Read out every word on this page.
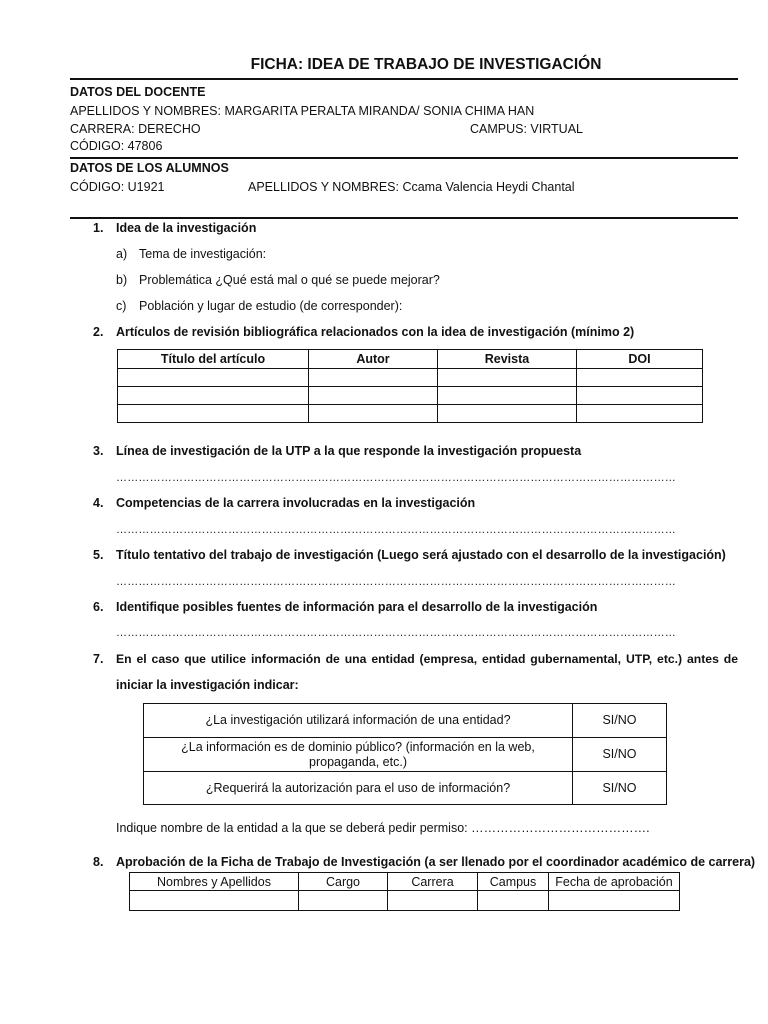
FICHA: IDEA DE TRABAJO DE INVESTIGACIÓN
DATOS DEL DOCENTE
APELLIDOS Y NOMBRES: MARGARITA PERALTA MIRANDA/ SONIA CHIMA HAN
CARRERA: DERECHO	CAMPUS: VIRTUAL
CÓDIGO: 47806
DATOS DE LOS ALUMNOS
CÓDIGO: U1921	APELLIDOS Y NOMBRES: Ccama Valencia Heydi Chantal
1. Idea de la investigación
a) Tema de investigación:
b) Problemática ¿Qué está mal o qué se puede mejorar?
c) Población y lugar de estudio (de corresponder):
2. Artículos de revisión bibliográfica relacionados con la idea de investigación (mínimo 2)
Título del artículo	Autor	Revista	DOI

3. Línea de investigación de la UTP a la que responde la investigación propuesta
……………………………………………………………………………………………………………………………………
4. Competencias de la carrera involucradas en la investigación
……………………………………………………………………………………………………………………………………
5. Título tentativo del trabajo de investigación (Luego será ajustado con el desarrollo de la investigación)
……………………………………………………………………………………………………………………………………
6. Identifique posibles fuentes de información para el desarrollo de la investigación
……………………………………………………………………………………………………………………………………
7. En el caso que utilice información de una entidad (empresa, entidad gubernamental, UTP, etc.) antes de
iniciar la investigación indicar:
¿La investigación utilizará información de una entidad?	SI/NO

¿La información es de dominio público? (información en la web,
propaganda, etc.)	SI/NO
¿Requerirá la autorización para el uso de información?	SI/NO
Indique nombre de la entidad a la que se deberá pedir permiso: …………………………………….
8. Aprobación de la Ficha de Trabajo de Investigación (a ser llenado por el coordinador académico de carrera)
Nombres y Apellidos	Cargo	Carrera	Campus	Fecha de aprobación
